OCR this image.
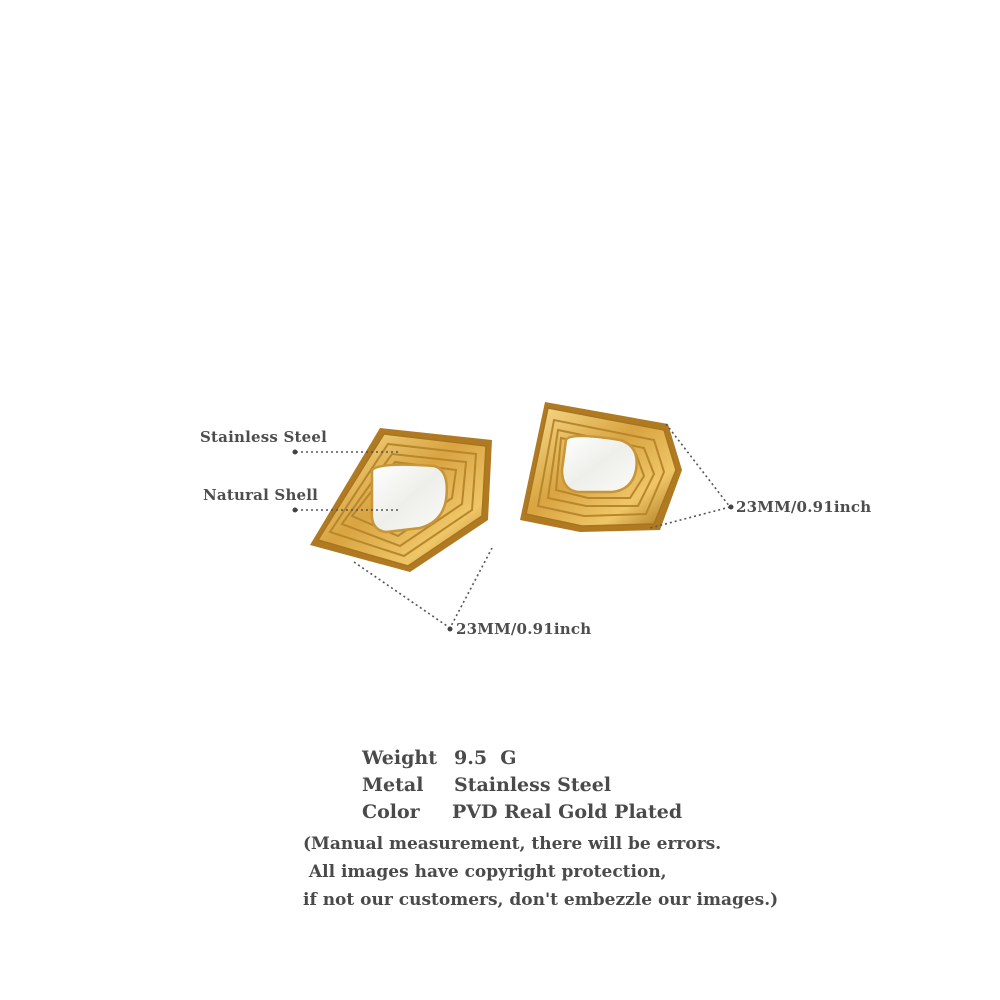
Stainless Steel
Natural Shell
23MM/0.91inch
23MM/0.91inch
Weight 9.5  G
Metal	Stainless Steel
Color	PVD Real Gold Plated
(Manual measurement, there will be errors.
All images have copyright protection,
if not our customers, don't embezzle our images.)
